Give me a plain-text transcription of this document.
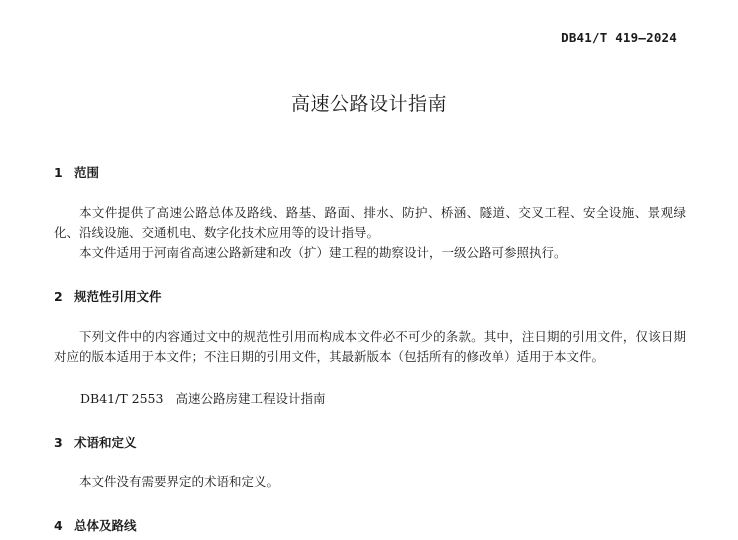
DB41/T 419—2024
高速公路设计指南
1 范围
本文件提供了高速公路总体及路线、路基、路面、排水、防护、桥涵、隧道、交叉工程、安全设施、景观绿化、沿线设施、交通机电、数字化技术应用等的设计指导。
本文件适用于河南省高速公路新建和改（扩）建工程的勘察设计，一级公路可参照执行。
2 规范性引用文件
下列文件中的内容通过文中的规范性引用而构成本文件必不可少的条款。其中，注日期的引用文件，仅该日期对应的版本适用于本文件；不注日期的引用文件，其最新版本（包括所有的修改单）适用于本文件。
DB41/T 2553 高速公路房建工程设计指南
3 术语和定义
本文件没有需要界定的术语和定义。
4 总体及路线
